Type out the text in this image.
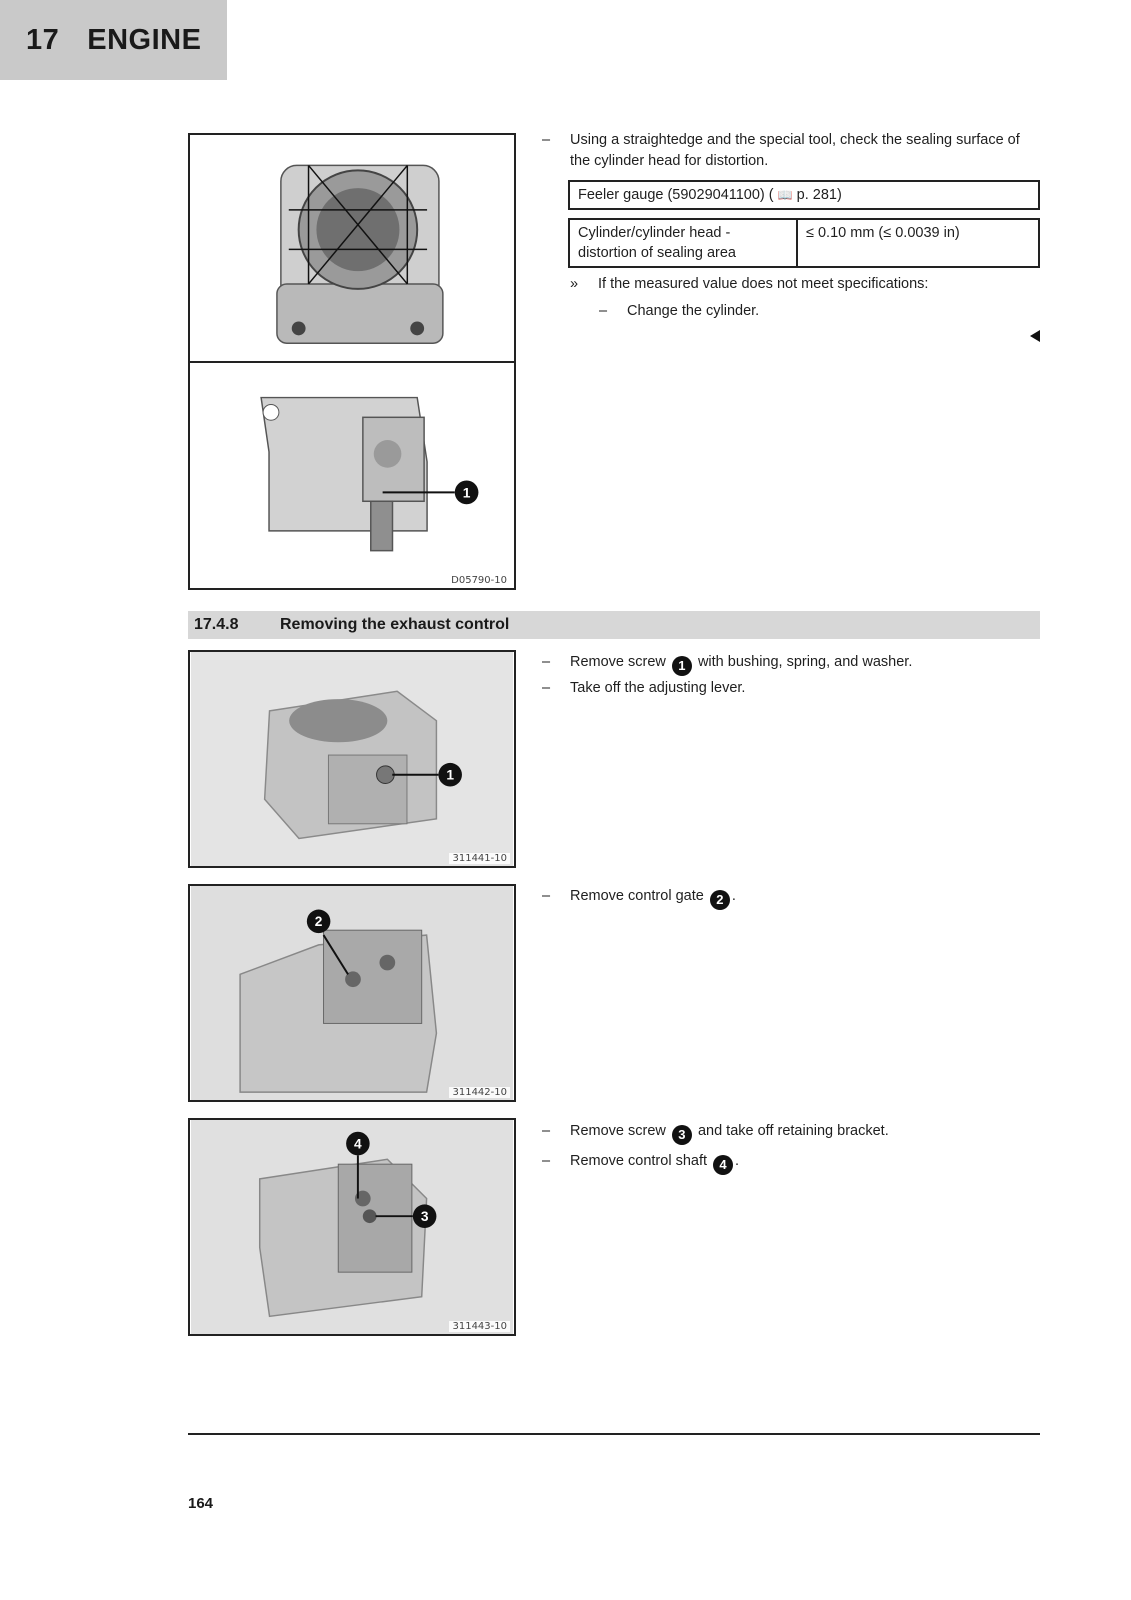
17 ENGINE
1
D05790-10
– Using a straightedge and the special tool, check the sealing surface of the cylinder head for distortion.
Feeler gauge (59029041100) ( 📖 p. 281)
Cylinder/cylinder head - distortion of sealing area	≤ 0.10 mm (≤ 0.0039 in)
» If the measured value does not meet specifications:
– Change the cylinder.
17.4.8	Removing the exhaust control
1
311441-10
– Remove screw 1 with bushing, spring, and washer.
– Take off the adjusting lever.
2
311442-10
– Remove control gate 2 .
4
3
311443-10
– Remove screw 3 and take off retaining bracket.
– Remove control shaft 4 .
164
